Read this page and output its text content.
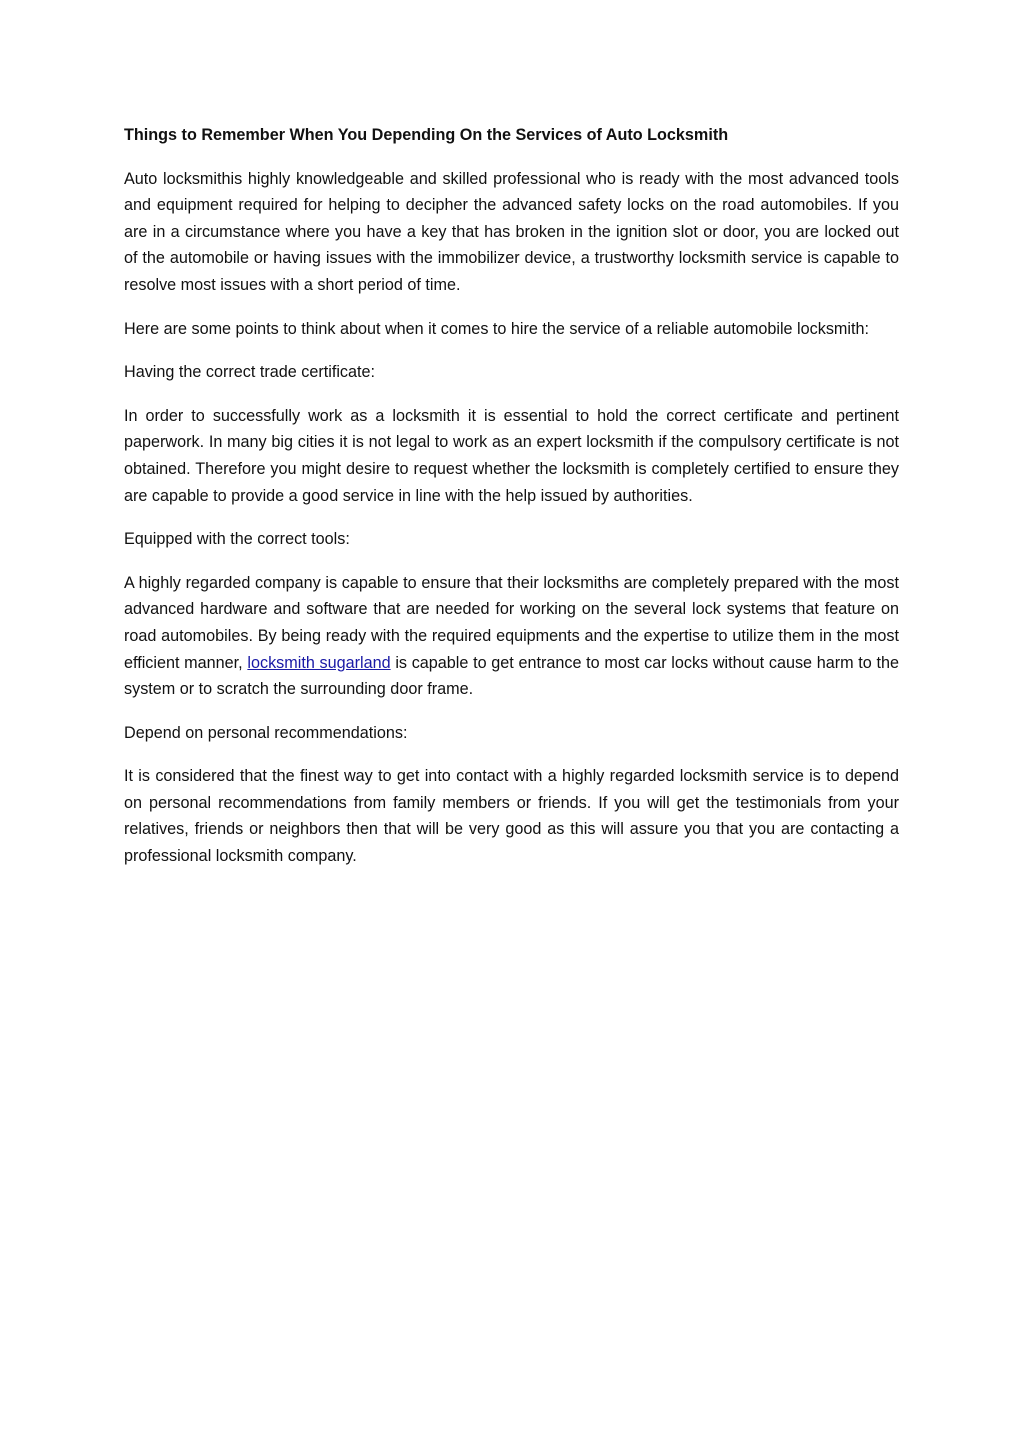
Things to Remember When You Depending On the Services of Auto Locksmith

Auto locksmithis highly knowledgeable and skilled professional who is ready with the most advanced tools and equipment required for helping to decipher the advanced safety locks on the road automobiles. If you are in a circumstance where you have a key that has broken in the ignition slot or door, you are locked out of the automobile or having issues with the immobilizer device, a trustworthy locksmith service is capable to resolve most issues with a short period of time.

Here are some points to think about when it comes to hire the service of a reliable automobile locksmith:

Having the correct trade certificate:

In order to successfully work as a locksmith it is essential to hold the correct certificate and pertinent paperwork. In many big cities it is not legal to work as an expert locksmith if the compulsory certificate is not obtained. Therefore you might desire to request whether the locksmith is completely certified to ensure they are capable to provide a good service in line with the help issued by authorities.

Equipped with the correct tools:

A highly regarded company is capable to ensure that their locksmiths are completely prepared with the most advanced hardware and software that are needed for working on the several lock systems that feature on road automobiles. By being ready with the required equipments and the expertise to utilize them in the most efficient manner, locksmith sugarland is capable to get entrance to most car locks without cause harm to the system or to scratch the surrounding door frame.

Depend on personal recommendations:

It is considered that the finest way to get into contact with a highly regarded locksmith service is to depend on personal recommendations from family members or friends. If you will get the testimonials from your relatives, friends or neighbors then that will be very good as this will assure you that you are contacting a professional locksmith company.
